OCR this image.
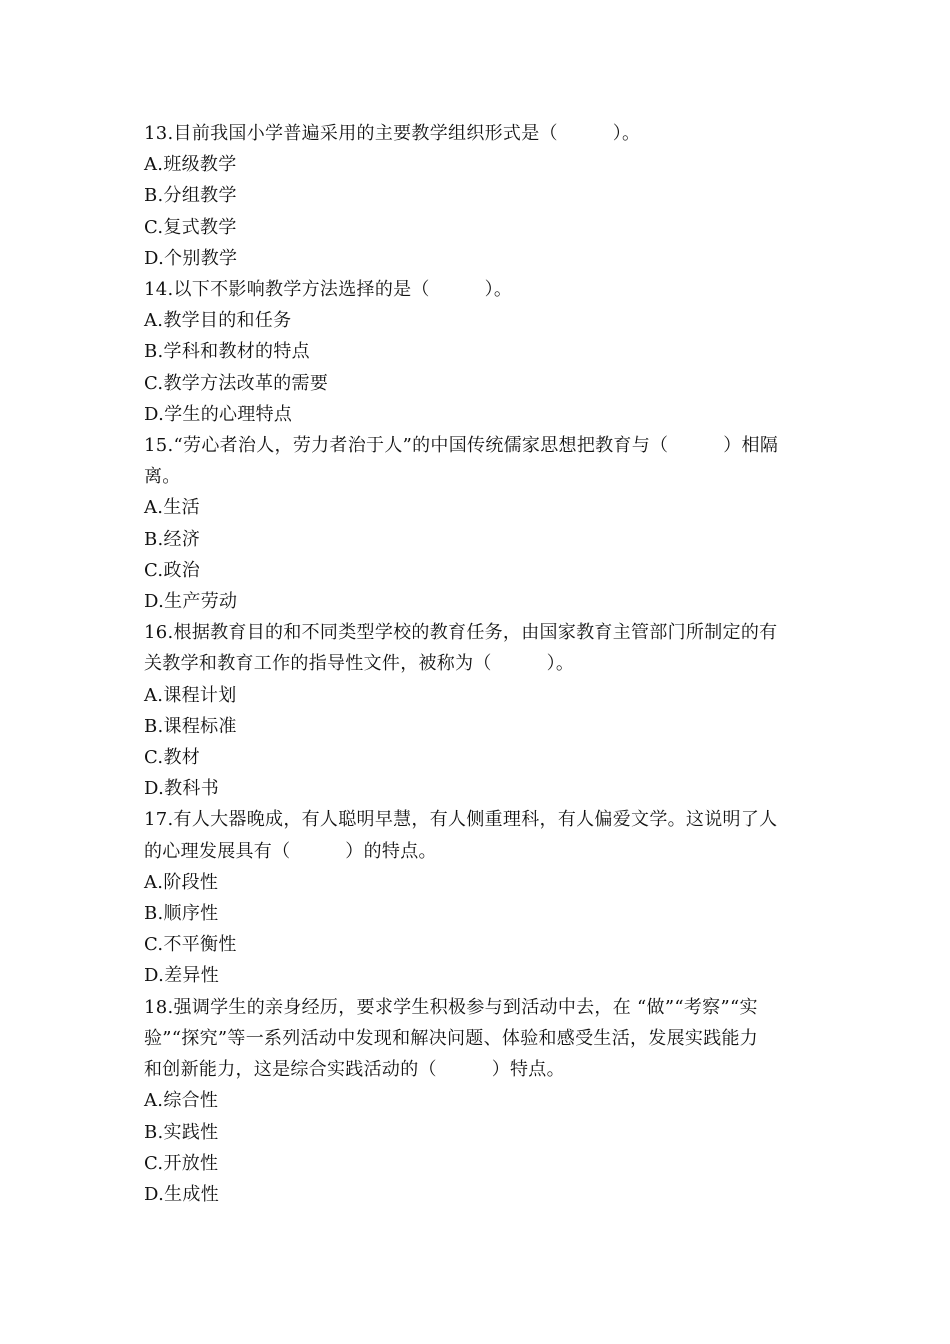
13.目前我国小学普遍采用的主要教学组织形式是（　　　）。
A.班级教学
B.分组教学
C.复式教学
D.个别教学
14.以下不影响教学方法选择的是（　　　）。
A.教学目的和任务
B.学科和教材的特点
C.教学方法改革的需要
D.学生的心理特点
15.“劳心者治人，劳力者治于人”的中国传统儒家思想把教育与（　　　）相隔
离。
A.生活
B.经济
C.政治
D.生产劳动
16.根据教育目的和不同类型学校的教育任务，由国家教育主管部门所制定的有
关教学和教育工作的指导性文件，被称为（　　　）。
A.课程计划
B.课程标准
C.教材
D.教科书
17.有人大器晚成，有人聪明早慧，有人侧重理科，有人偏爱文学。这说明了人
的心理发展具有（　　　）的特点。
A.阶段性
B.顺序性
C.不平衡性
D.差异性
18.强调学生的亲身经历，要求学生积极参与到活动中去，在 “做”“考察”“实
验”“探究”等一系列活动中发现和解决问题、体验和感受生活，发展实践能力
和创新能力，这是综合实践活动的（　　　）特点。
A.综合性
B.实践性
C.开放性
D.生成性
